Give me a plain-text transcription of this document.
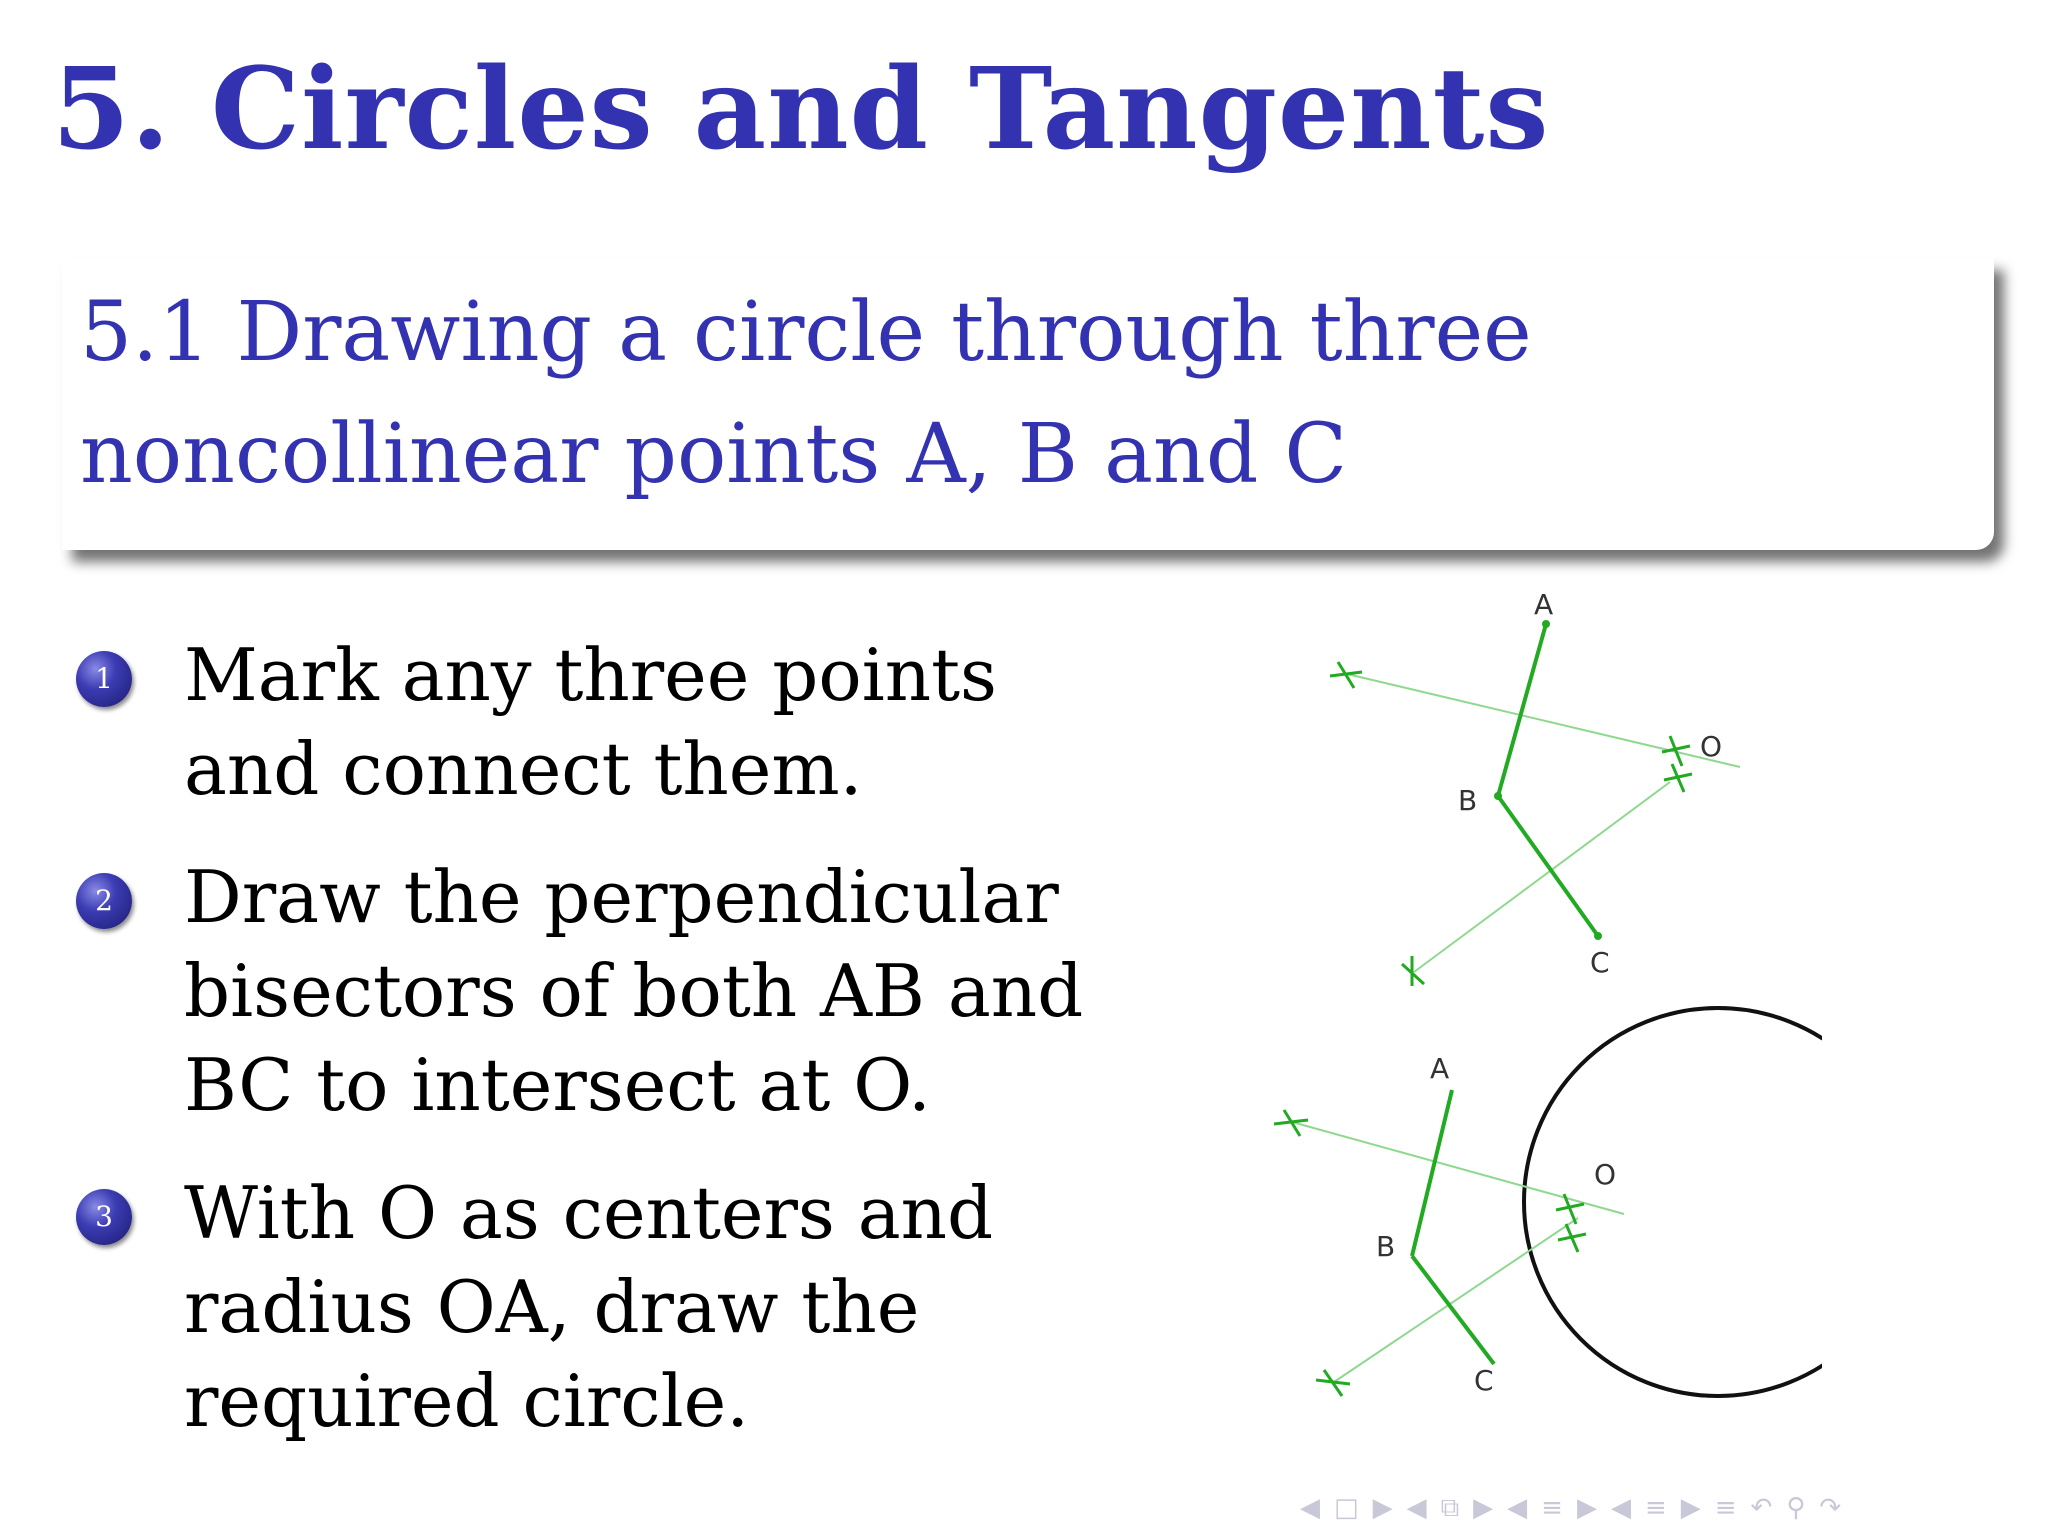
5. Circles and Tangents
5.1 Drawing a circle through three noncollinear points A, B and C
1 Mark any three points and connect them.
2 Draw the perpendicular bisectors of both AB and BC to intersect at O.
3 With O as centers and radius OA, draw the required circle.
A
B
C
O
A
B
C
O
◀ □ ▶ ◀ ⧉ ▶ ◀ ≡ ▶ ◀ ≡ ▶ ≡ ↶ ⚲ ↷
